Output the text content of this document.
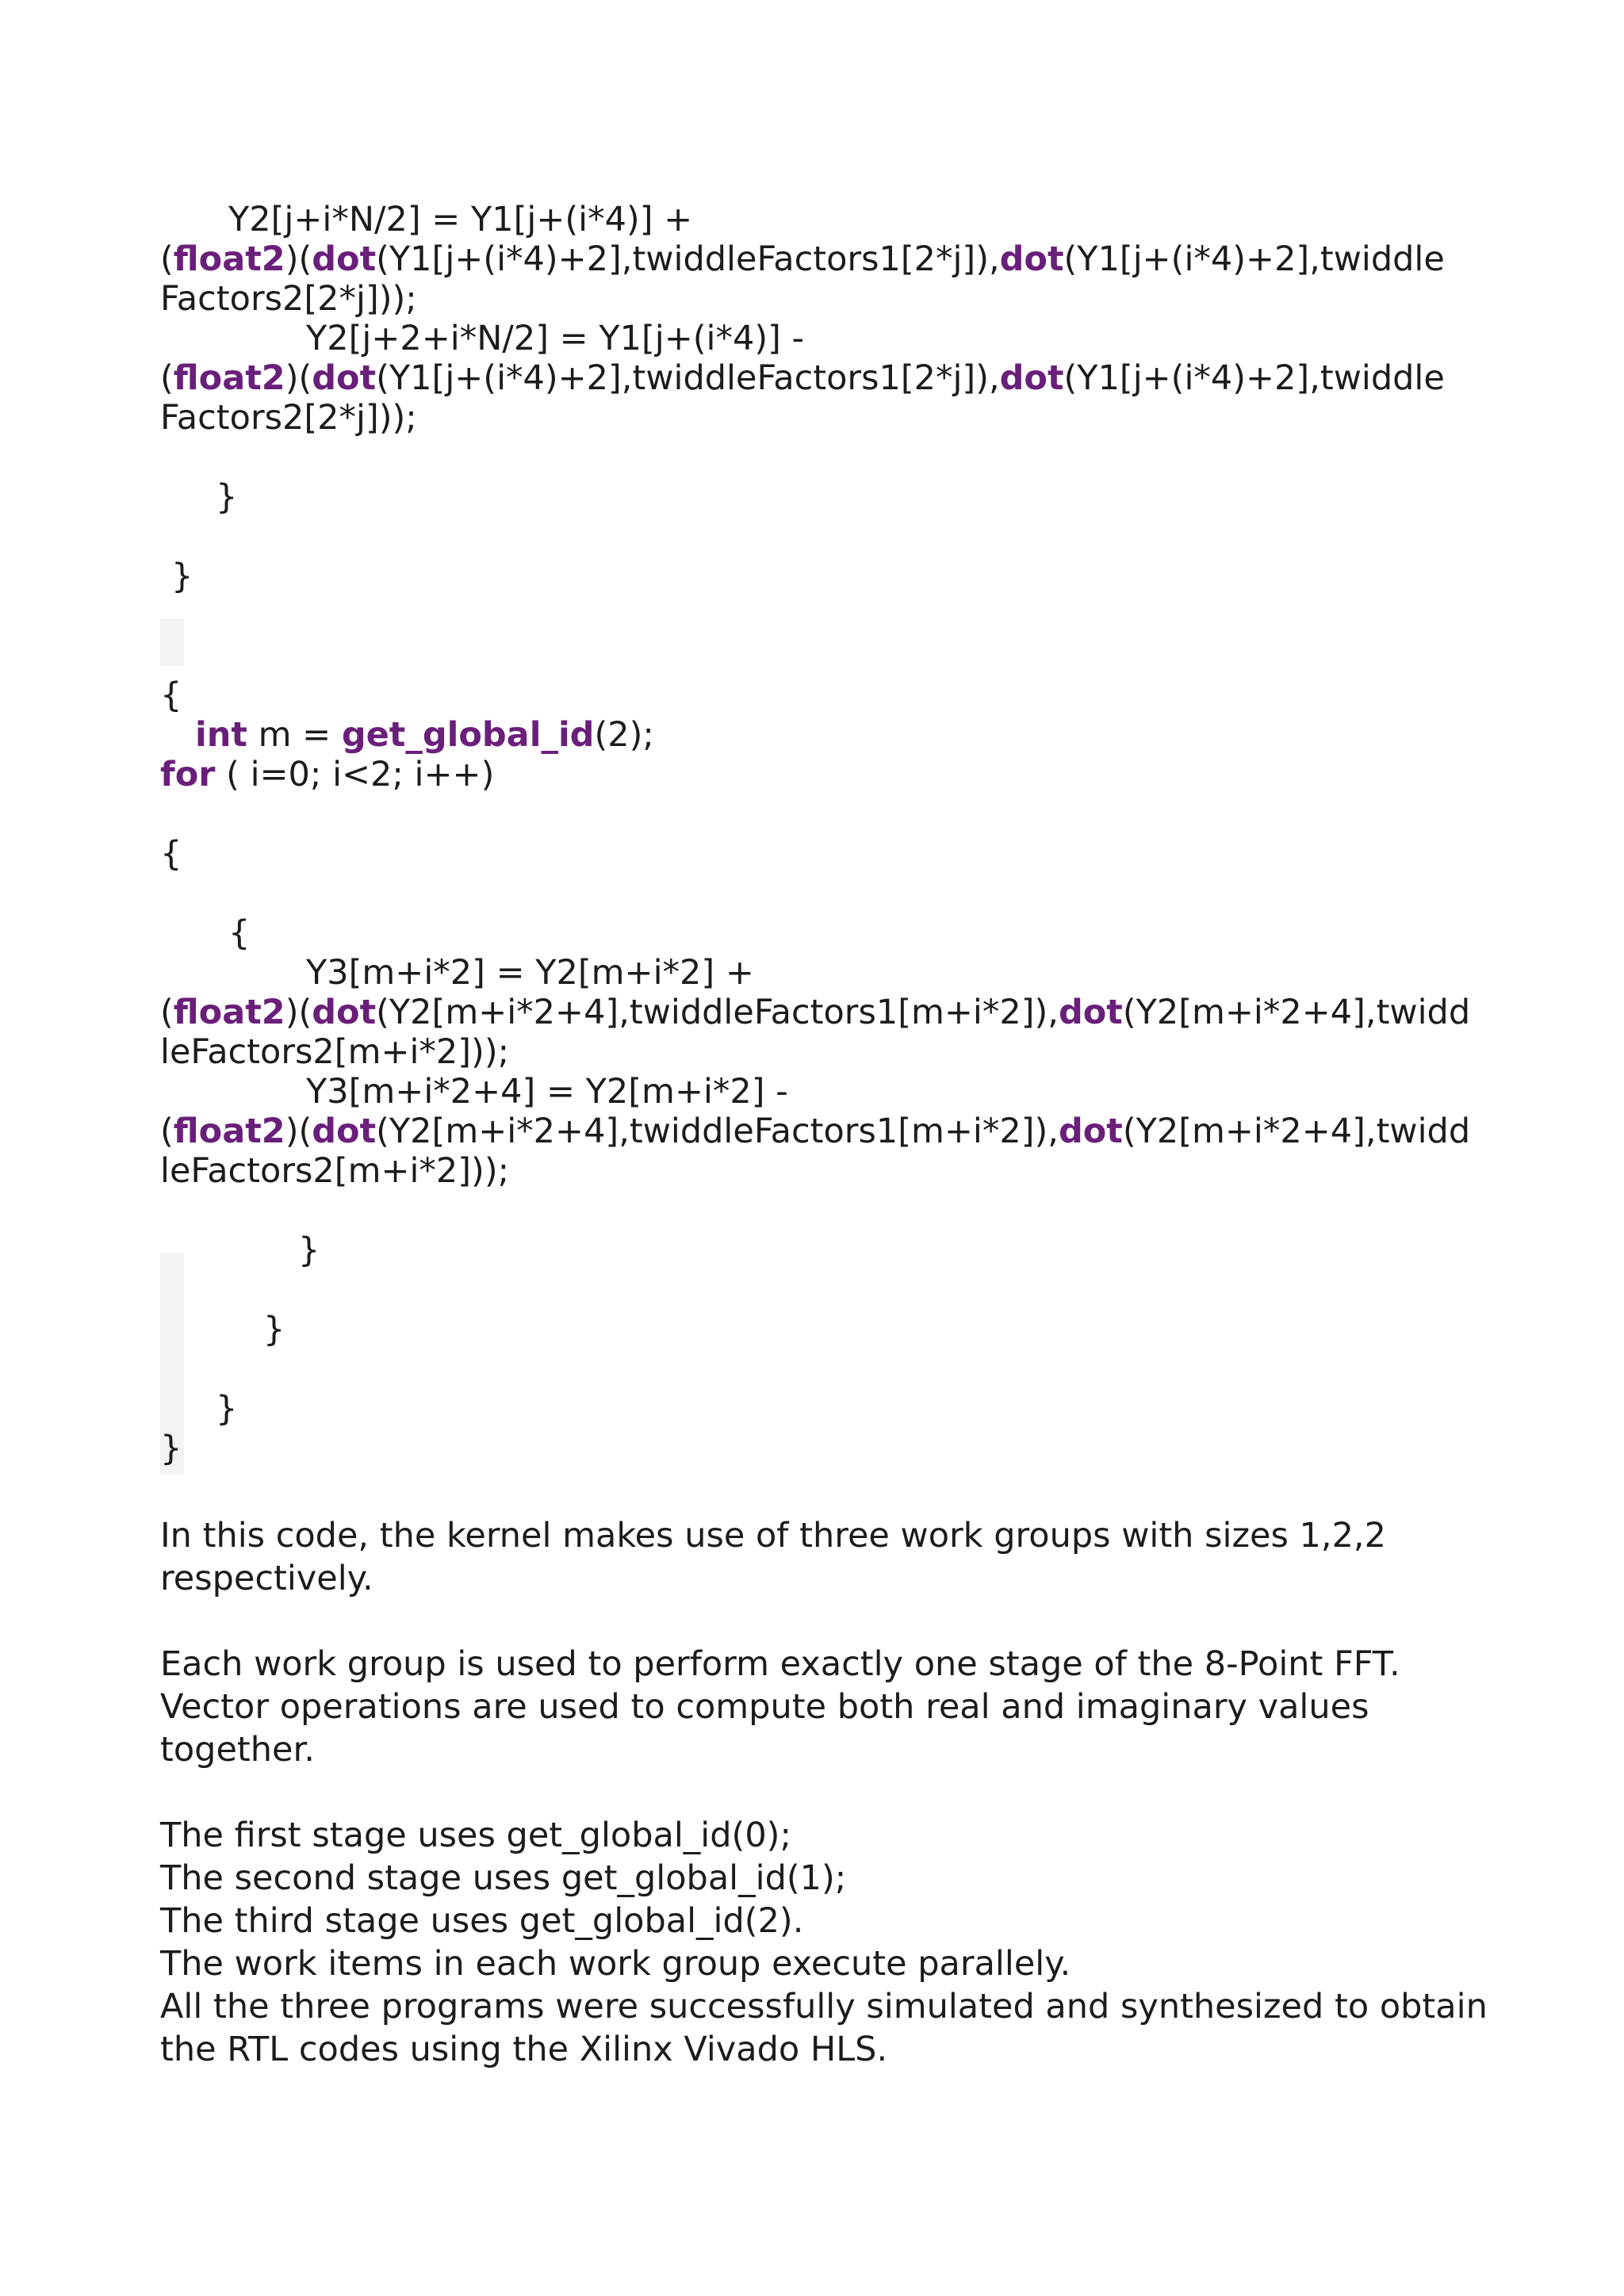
Y2[j+i*N/2] = Y1[j+(i*4)] +
(float2)(dot(Y1[j+(i*4)+2],twiddleFactors1[2*j]),dot(Y1[j+(i*4)+2],twiddle
Factors2[2*j]));
Y2[j+2+i*N/2] = Y1[j+(i*4)] -
(float2)(dot(Y1[j+(i*4)+2],twiddleFactors1[2*j]),dot(Y1[j+(i*4)+2],twiddle
Factors2[2*j]));
}
}
{
int m = get_global_id(2);
for ( i=0; i<2; i++)
{
{
Y3[m+i*2] = Y2[m+i*2] +
(float2)(dot(Y2[m+i*2+4],twiddleFactors1[m+i*2]),dot(Y2[m+i*2+4],twidd
leFactors2[m+i*2]));
Y3[m+i*2+4] = Y2[m+i*2] -
(float2)(dot(Y2[m+i*2+4],twiddleFactors1[m+i*2]),dot(Y2[m+i*2+4],twidd
leFactors2[m+i*2]));
}
}
}
}
In this code, the kernel makes use of three work groups with sizes 1,2,2
respectively.
Each work group is used to perform exactly one stage of the 8-Point FFT.
Vector operations are used to compute both real and imaginary values
together.
The first stage uses get_global_id(0);
The second stage uses get_global_id(1);
The third stage uses get_global_id(2).
The work items in each work group execute parallely.
All the three programs were successfully simulated and synthesized to obtain
the RTL codes using the Xilinx Vivado HLS.
